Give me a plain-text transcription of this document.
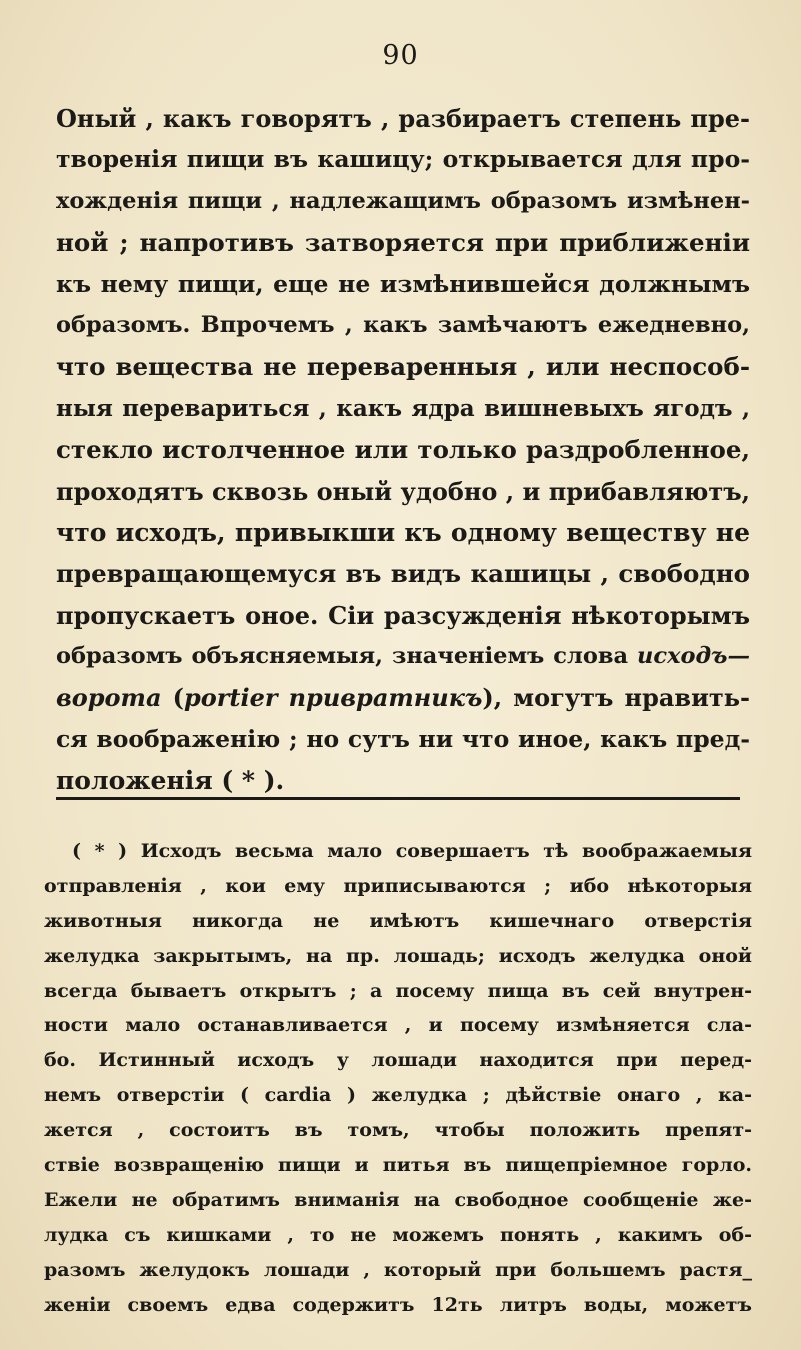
90
Оный , какъ говорятъ , разбираетъ степень пре-
творенія пищи въ кашицу; открывается для про-
хожденія пищи , надлежащимъ образомъ измѣнен-
ной ; напротивъ затворяется при приближеніи
къ нему пищи, еще не измѣнившейся должнымъ
образомъ. Впрочемъ , какъ замѣчаютъ ежедневно,
что вещества не переваренныя , или неспособ-
ныя перевариться , какъ ядра вишневыхъ ягодъ ,
стекло истолченное или только раздробленное,
проходятъ сквозь оный удобно , и прибавляютъ,
что исходъ, привыкши къ одному веществу не
превращающемуся въ видъ кашицы , свободно
пропускаетъ оное. Сіи разсужденія нѣкоторымъ
образомъ объясняемыя, значеніемъ слова исходъ—
ворота (portier привратникъ), могутъ нравить-
ся воображенію ; но сутъ ни что иное, какъ пред-
положенія ( * ).
( * ) Исходъ весьма мало совершаетъ тѣ воображаемыя
отправленія , кои ему приписываются ; ибо нѣкоторыя
животныя никогда не имѣютъ кишечнаго отверстія
желудка закрытымъ, на пр. лошадь; исходъ желудка оной
всегда бываетъ открытъ ; а посему пища въ сей внутрен-
ности мало останавливается , и посему измѣняется сла-
бо. Истинный исходъ у лошади находится при перед-
немъ отверстіи ( cardia ) желудка ; дѣйствіе онаго , ка-
жется , состоитъ въ томъ, чтобы положить препят-
ствіе возвращенію пищи и питья въ пищепріемное горло.
Ежели не обратимъ вниманія на свободное сообщеніе же-
лудка съ кишками , то не можемъ понять , какимъ об-
разомъ желудокъ лошади , который при большемъ растя_
женіи своемъ едва содержитъ 12ть литръ воды, можетъ
